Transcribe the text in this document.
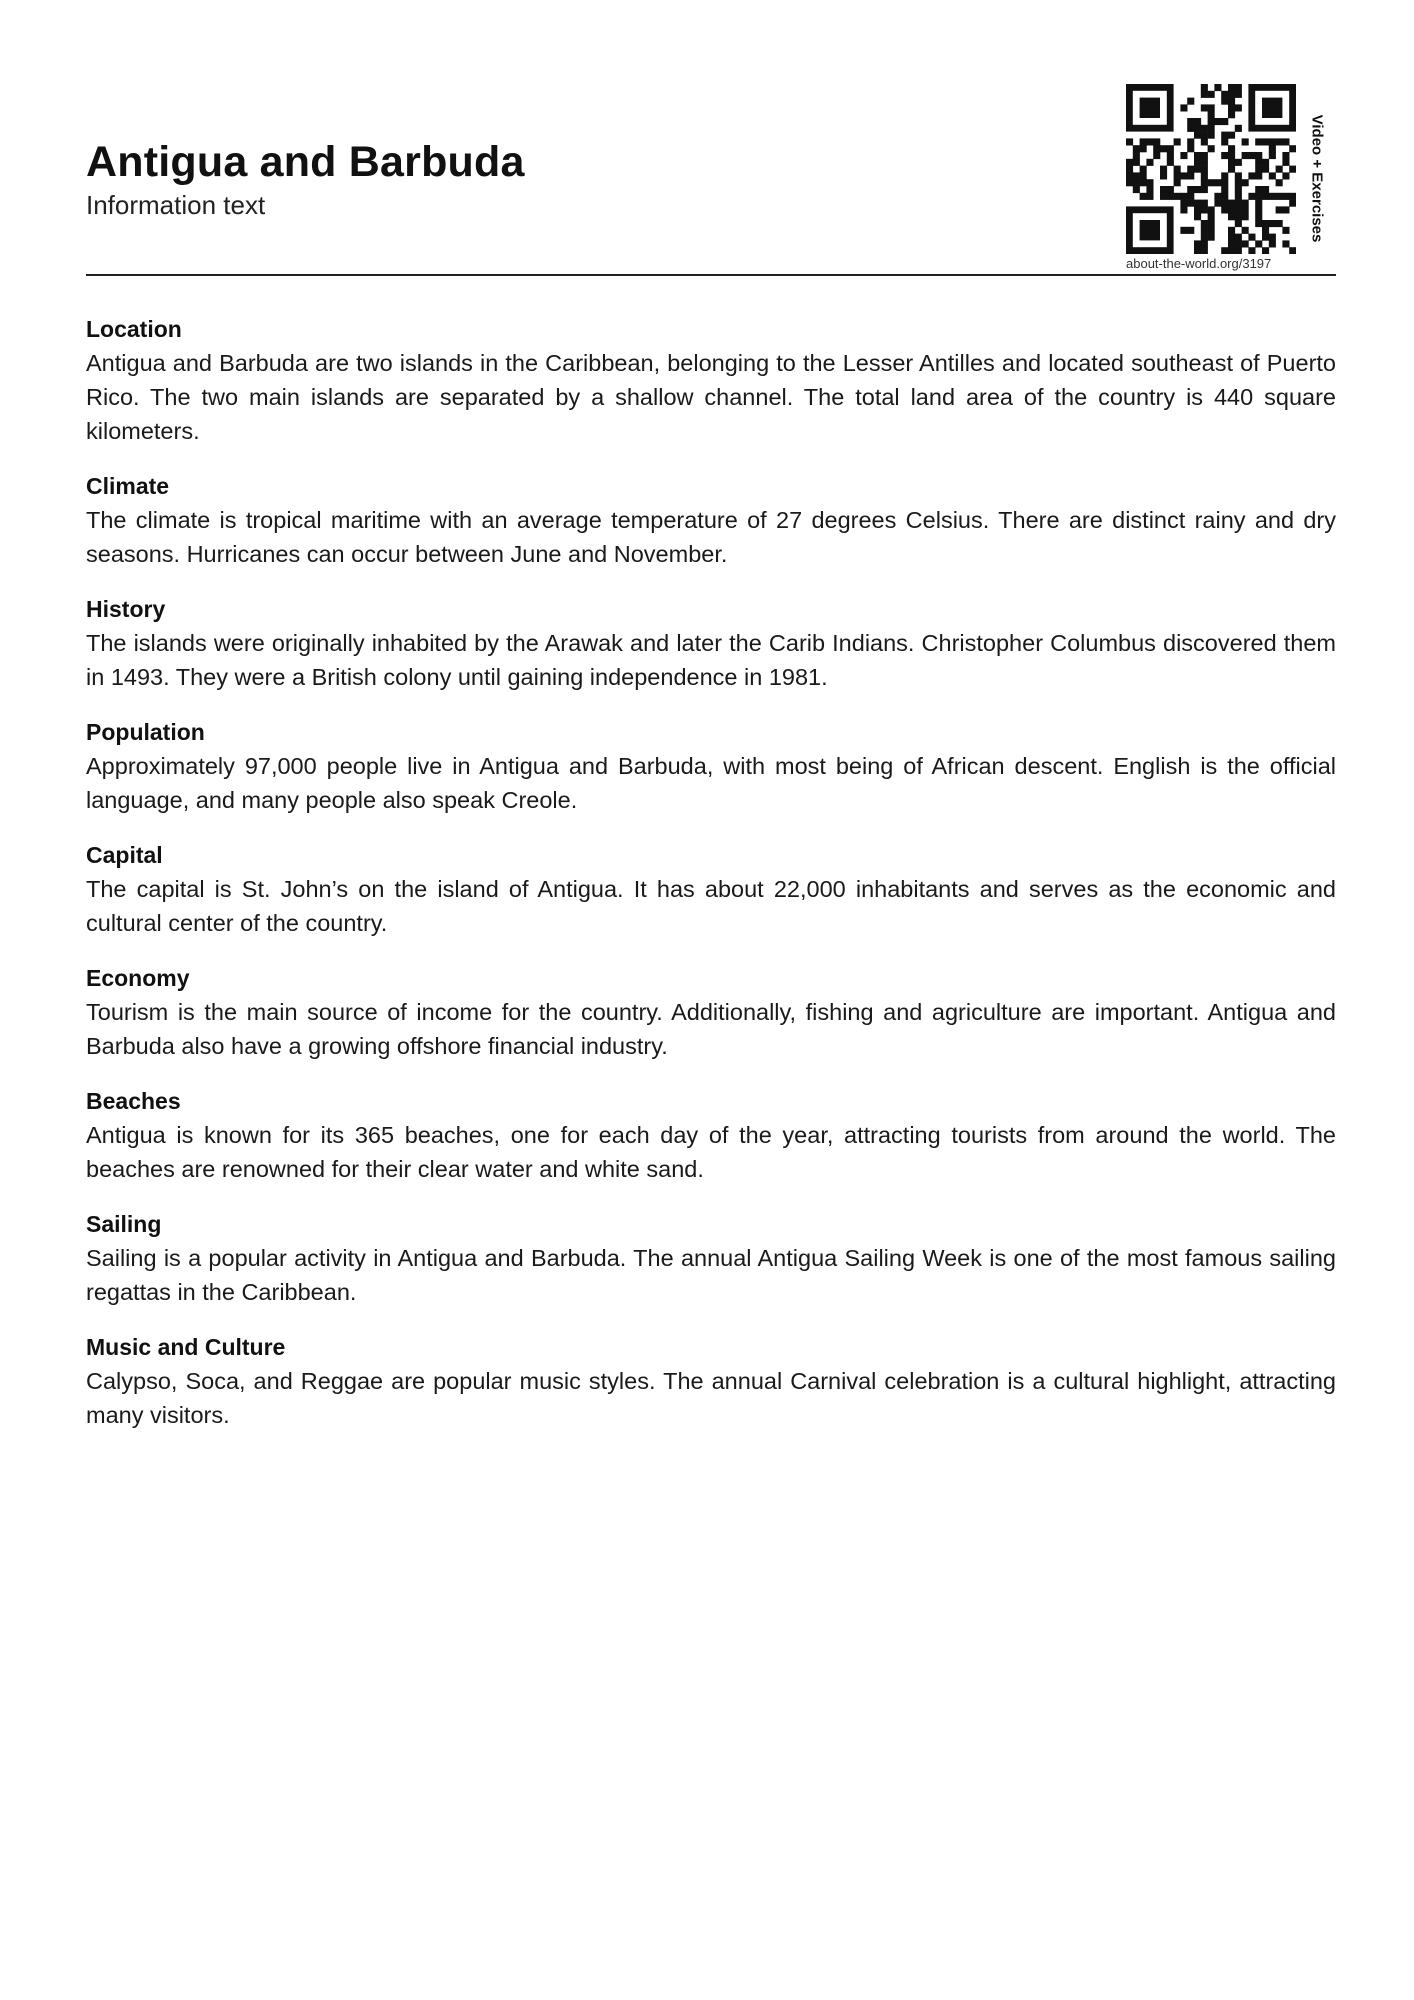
Antigua and Barbuda
Information text
about-the-world.org/3197
Video + Exercises
Location

Antigua and Barbuda are two islands in the Caribbean, belonging to the Lesser Antilles and located southeast of Puerto Rico. The two main islands are separated by a shallow channel. The total land area of the country is 440 square kilometers.

Climate

The climate is tropical maritime with an average temperature of 27 degrees Celsius. There are distinct rainy and dry seasons. Hurricanes can occur between June and November.

History

The islands were originally inhabited by the Arawak and later the Carib Indians. Christopher Columbus discovered them in 1493. They were a British colony until gaining independence in 1981.

Population

Approximately 97,000 people live in Antigua and Barbuda, with most being of African descent. English is the official language, and many people also speak Creole.

Capital

The capital is St. John’s on the island of Antigua. It has about 22,000 inhabitants and serves as the economic and cultural center of the country.

Economy

Tourism is the main source of income for the country. Additionally, fishing and agriculture are important. Antigua and Barbuda also have a growing offshore financial industry.

Beaches

Antigua is known for its 365 beaches, one for each day of the year, attracting tourists from around the world. The beaches are renowned for their clear water and white sand.

Sailing

Sailing is a popular activity in Antigua and Barbuda. The annual Antigua Sailing Week is one of the most famous sailing regattas in the Caribbean.

Music and Culture

Calypso, Soca, and Reggae are popular music styles. The annual Carnival celebration is a cultural highlight, attracting many visitors.
